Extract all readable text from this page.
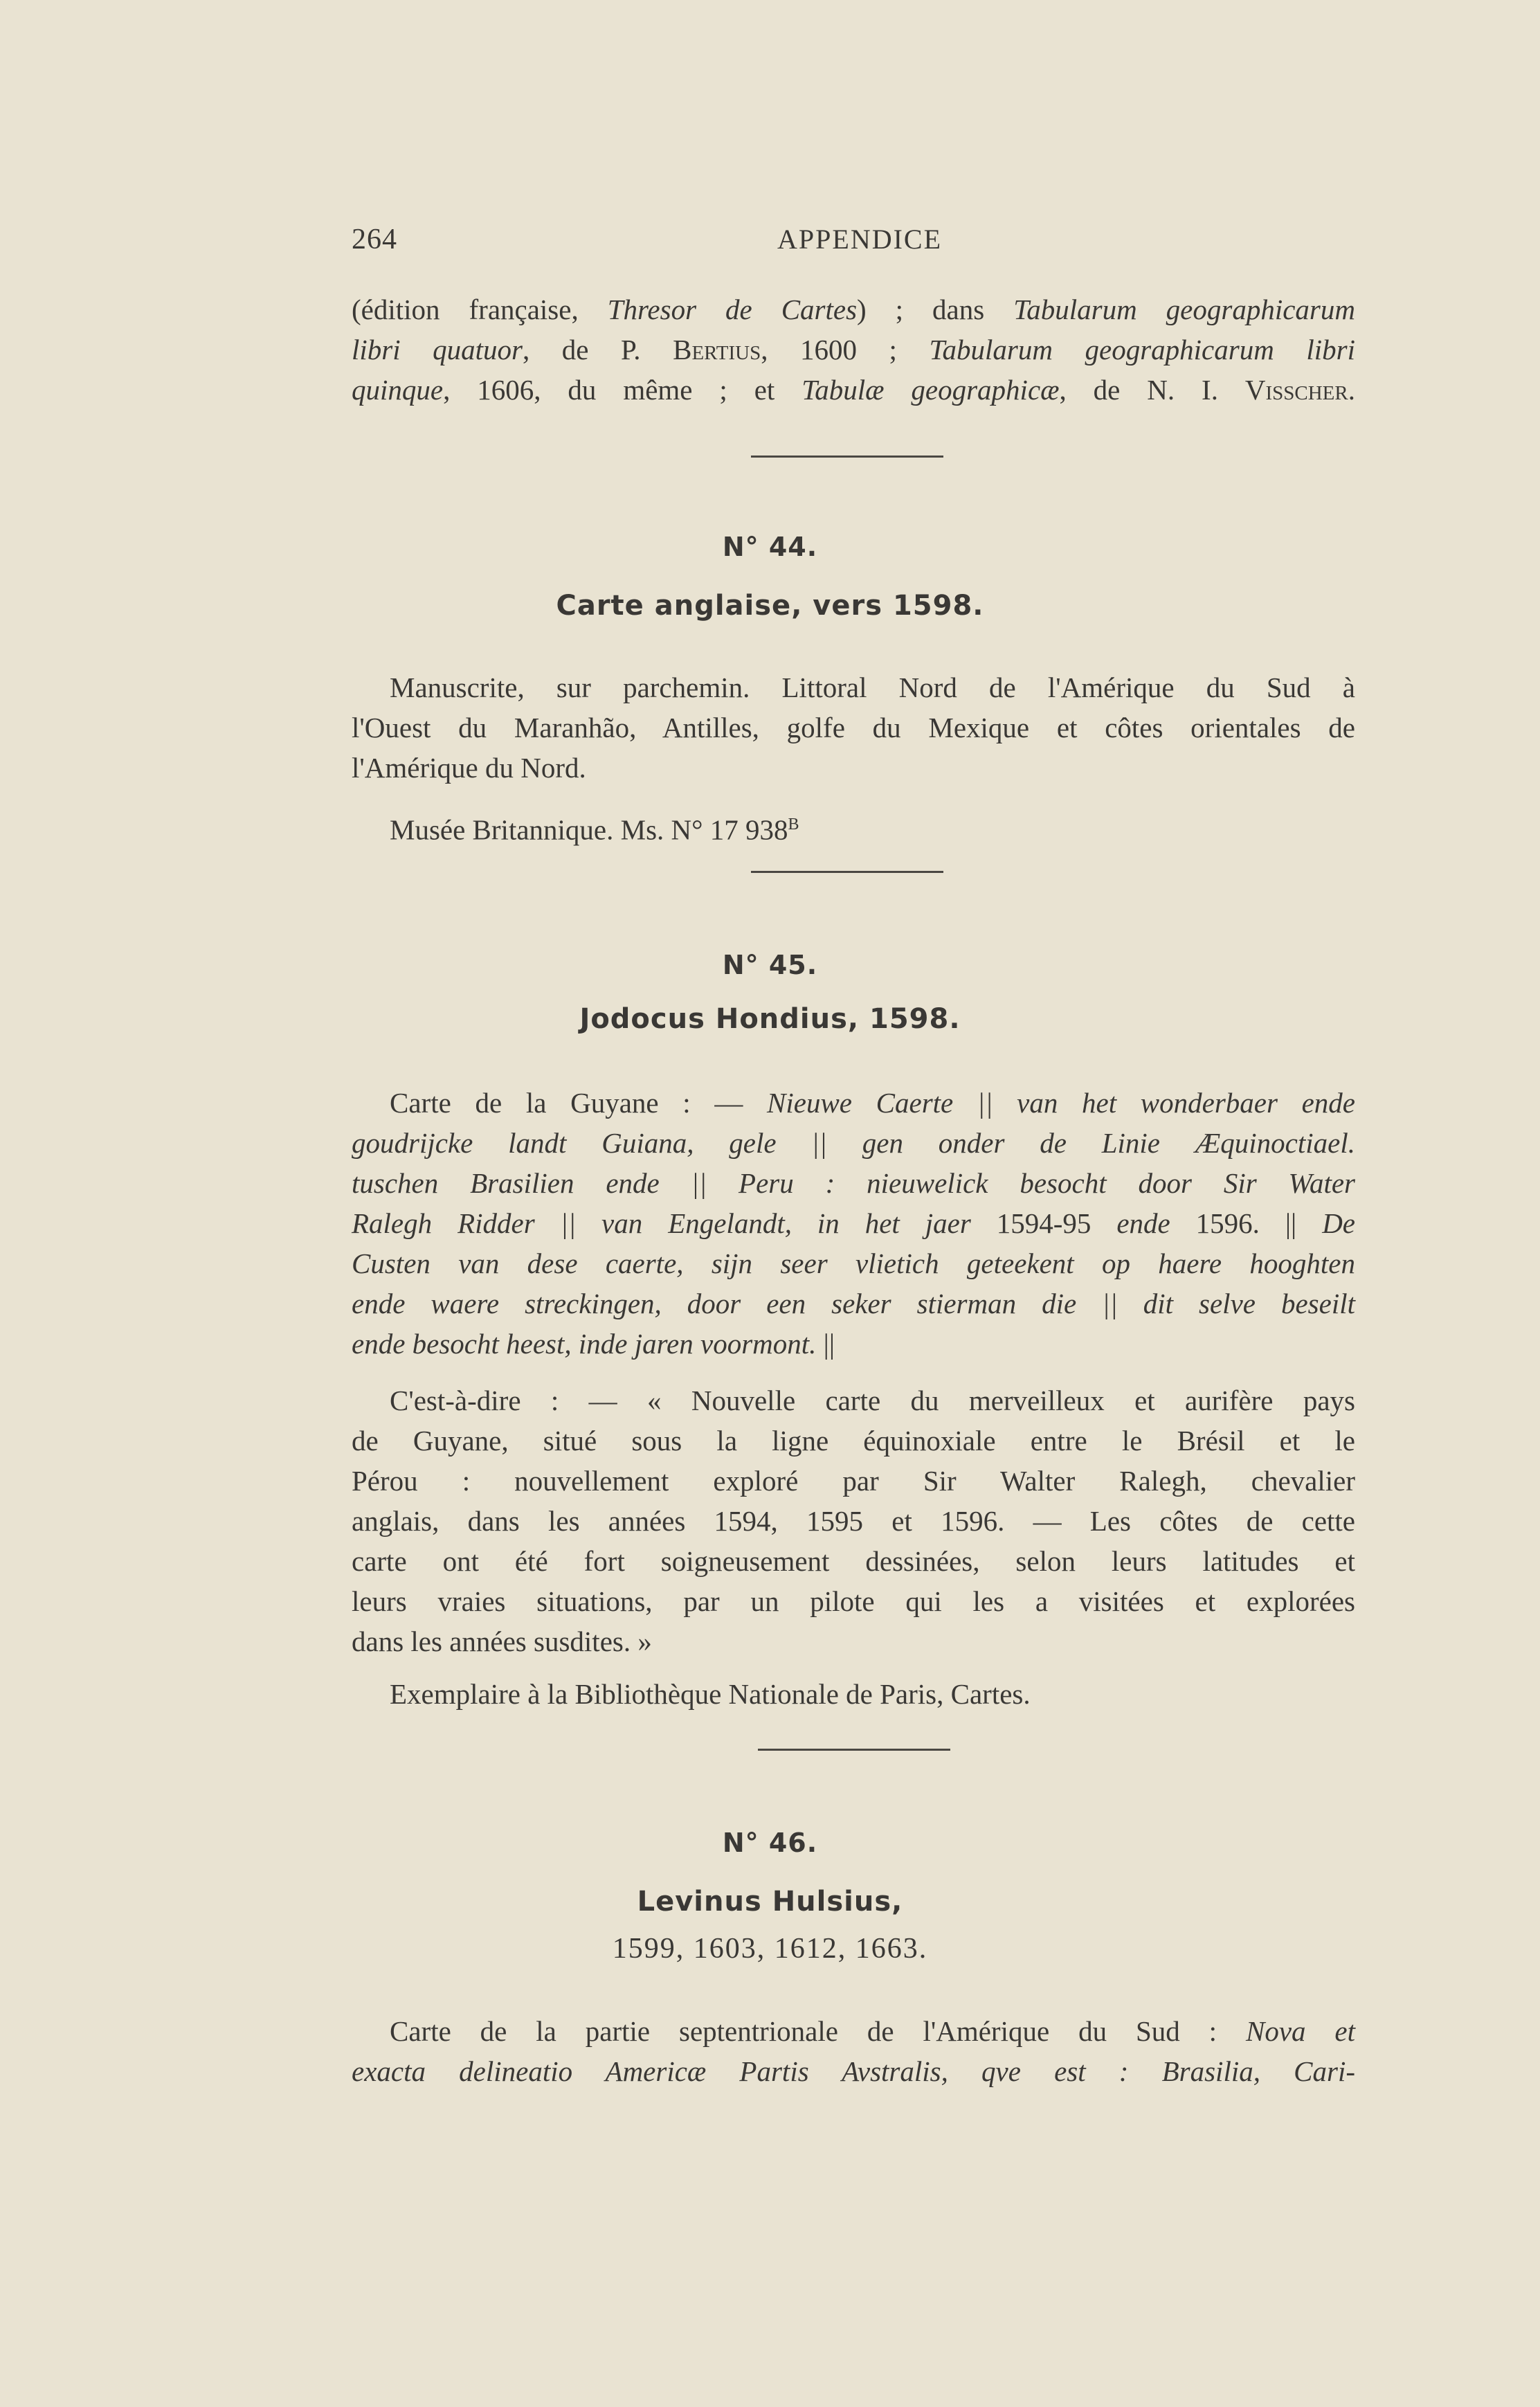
264	APPENDICE
(édition française, Thresor de Cartes) ; dans Tabularum geographicarum
libri quatuor, de P. Bertius, 1600 ; Tabularum geographicarum libri
quinque, 1606, du même ; et Tabulæ geographicæ, de N. I. Visscher.
N° 44.
Carte anglaise, vers 1598.
Manuscrite, sur parchemin. Littoral Nord de l'Amérique du Sud à
l'Ouest du Maranhão, Antilles, golfe du Mexique et côtes orientales de
l'Amérique du Nord.
Musée Britannique. Ms. N° 17 $938^B$
N° 45.
Jodocus Hondius, 1598.
Carte de la Guyane : — Nieuwe Caerte || van het wonderbaer ende
goudrijcke landt Guiana, gele || gen onder de Linie Æquinoctiael.
tuschen Brasilien ende || Peru : nieuwelick besocht door Sir Water
Ralegh Ridder || van Engelandt, in het jaer 1594-95 ende 1596. || De
Custen van dese caerte, sijn seer vlietich geteekent op haere hooghten
ende waere streckingen, door een seker stierman die || dit selve beseilt
ende besocht heest, inde jaren voormont. ||
C'est-à-dire : — « Nouvelle carte du merveilleux et aurifère pays
de Guyane, situé sous la ligne équinoxiale entre le Brésil et le
Pérou : nouvellement exploré par Sir Walter Ralegh, chevalier
anglais, dans les années 1594, 1595 et 1596. — Les côtes de cette
carte ont été fort soigneusement dessinées, selon leurs latitudes et
leurs vraies situations, par un pilote qui les a visitées et explorées
dans les années susdites. »
Exemplaire à la Bibliothèque Nationale de Paris, Cartes.
N° 46.
Levinus Hulsius,
1599, 1603, 1612, 1663.
Carte de la partie septentrionale de l'Amérique du Sud : Nova et
exacta delineatio Americæ Partis Avstralis, qve est : Brasilia, Cari-
